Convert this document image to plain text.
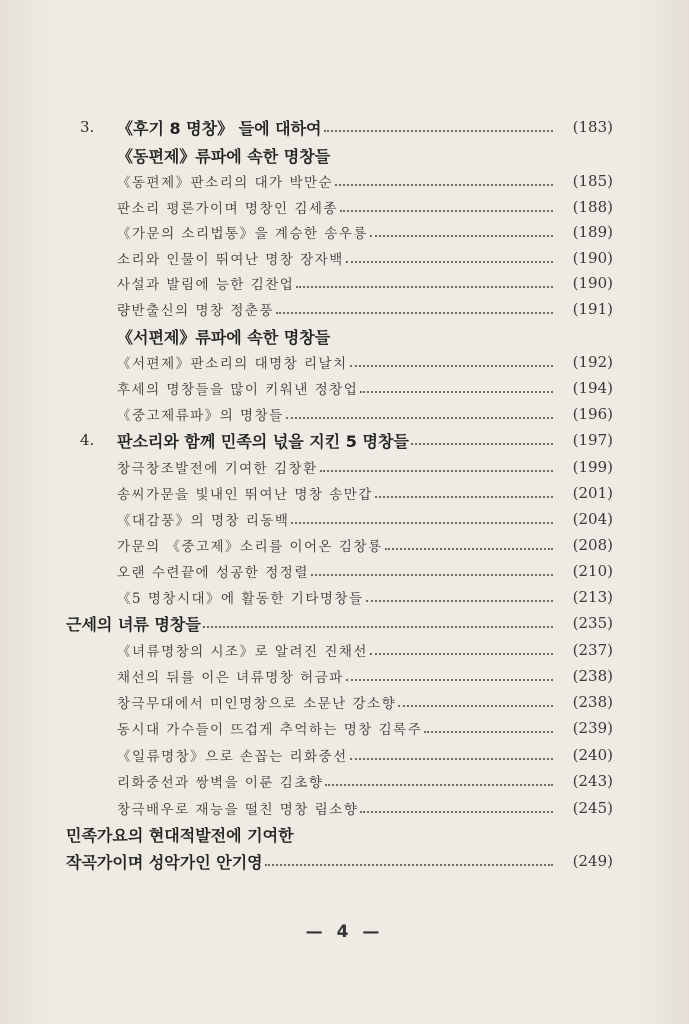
3.	《후기 8 명창》 들에 대하여	(183)
《동편제》류파에 속한 명창들
《동편제》판소리의 대가 박만순	(185)
판소리 평론가이며 명창인 김세종	(188)
《가문의 소리법통》을 계승한 송우룡	(189)
소리와 인물이 뛰여난 명창 장자백	(190)
사설과 발림에 능한 김찬업	(190)
량반출신의 명창 정춘풍	(191)
《서편제》류파에 속한 명창들
《서편제》판소리의 대명창 리날치	(192)
후세의 명창들을 많이 키워낸 정창업	(194)
《중고제류파》의 명창들	(196)
4.	판소리와 함께 민족의 넋을 지킨 5 명창들	(197)
창극창조발전에 기여한 김창환	(199)
송씨가문을 빛내인 뛰여난 명창 송만갑	(201)
《대감풍》의 명창 리동백	(204)
가문의 《중고제》소리를 이어온 김창룡	(208)
오랜 수련끝에 성공한 정정렬	(210)
《5 명창시대》에 활동한 기타명창들	(213)
근세의 녀류 명창들	(235)
《녀류명창의 시조》로 알려진 진채선	(237)
채선의 뒤를 이은 녀류명창 허금파	(238)
창극무대에서 미인명창으로 소문난 강소향	(238)
동시대 가수들이 뜨겁게 추억하는 명창 김록주	(239)
《일류명창》으로 손꼽는 리화중선	(240)
리화중선과 쌍벽을 이룬 김초향	(243)
창극배우로 재능을 떨친 명창 림소향	(245)
민족가요의 현대적발전에 기여한
작곡가이며 성악가인 안기영	(249)
— 4 —
